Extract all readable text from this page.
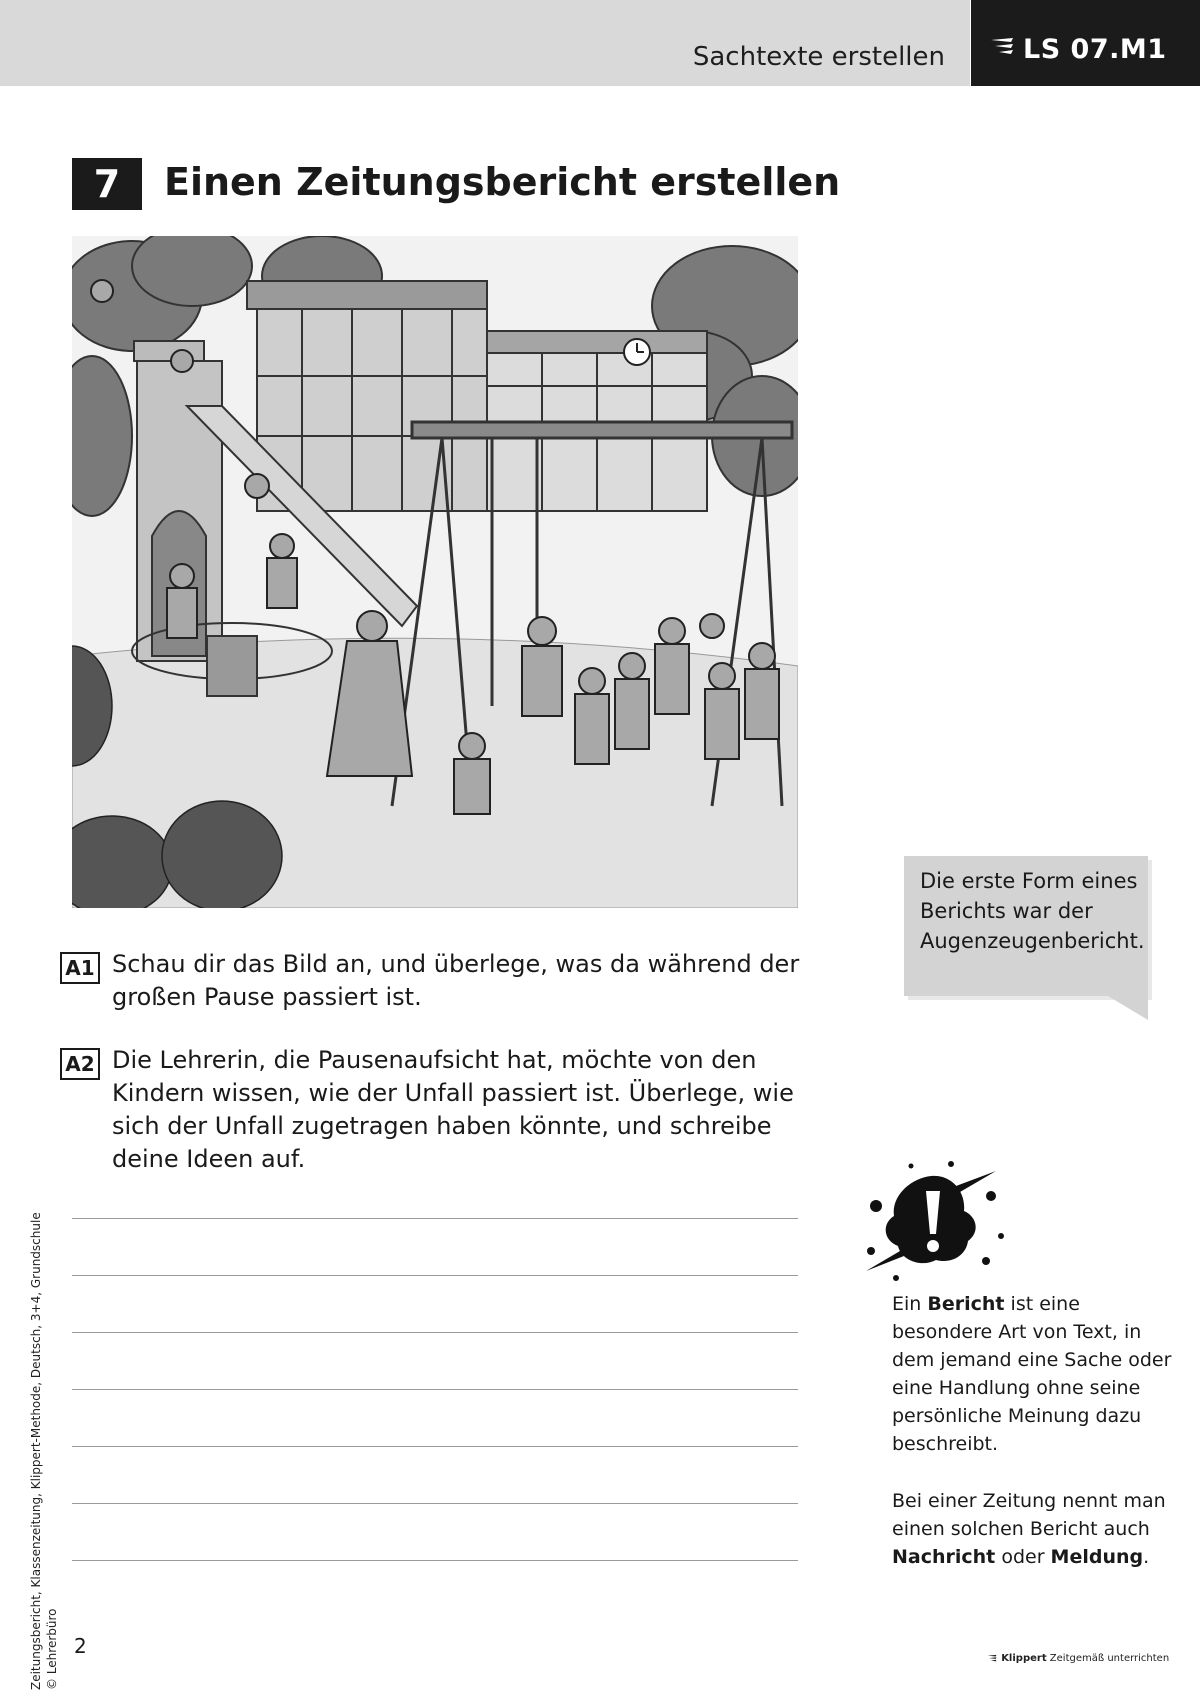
Sachtexte erstellen	LS 07.M1
7	Einen Zeitungsbericht erstellen
A1 Schau dir das Bild an, und überlege, was da während der großen Pause passiert ist.
A2 Die Lehrerin, die Pausenaufsicht hat, möchte von den Kindern wissen, wie der Unfall passiert ist. Überlege, wie sich der Unfall zugetragen haben könnte, und schreibe deine Ideen auf.
Zeitungsbericht, Klassenzeitung, Klippert-Methode, Deutsch, 3+4, Grundschule © Lehrerbüro 2
Die erste Form eines Berichts war der Augenzeugenbericht.
Ein Bericht ist eine besondere Art von Text, in dem jemand eine Sache oder eine Handlung ohne seine persönliche Meinung dazu beschreibt.
Bei einer Zeitung nennt man einen solchen Bericht auch Nachricht oder Meldung.
Klippert Zeitgemäß unterrichten
